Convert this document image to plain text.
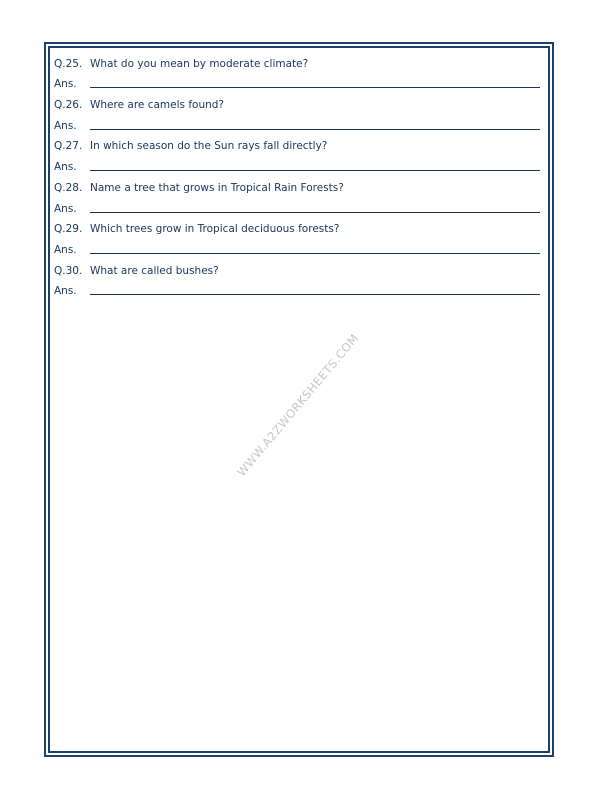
Q.25. What do you mean by moderate climate?
Ans.
Q.26. Where are camels found?
Ans.
Q.27. In which season do the Sun rays fall directly?
Ans.
Q.28. Name a tree that grows in Tropical Rain Forests?
Ans.
Q.29. Which trees grow in Tropical deciduous forests?
Ans.
Q.30. What are called bushes?
Ans.
WWW.A2ZWORKSHEETS.COM
